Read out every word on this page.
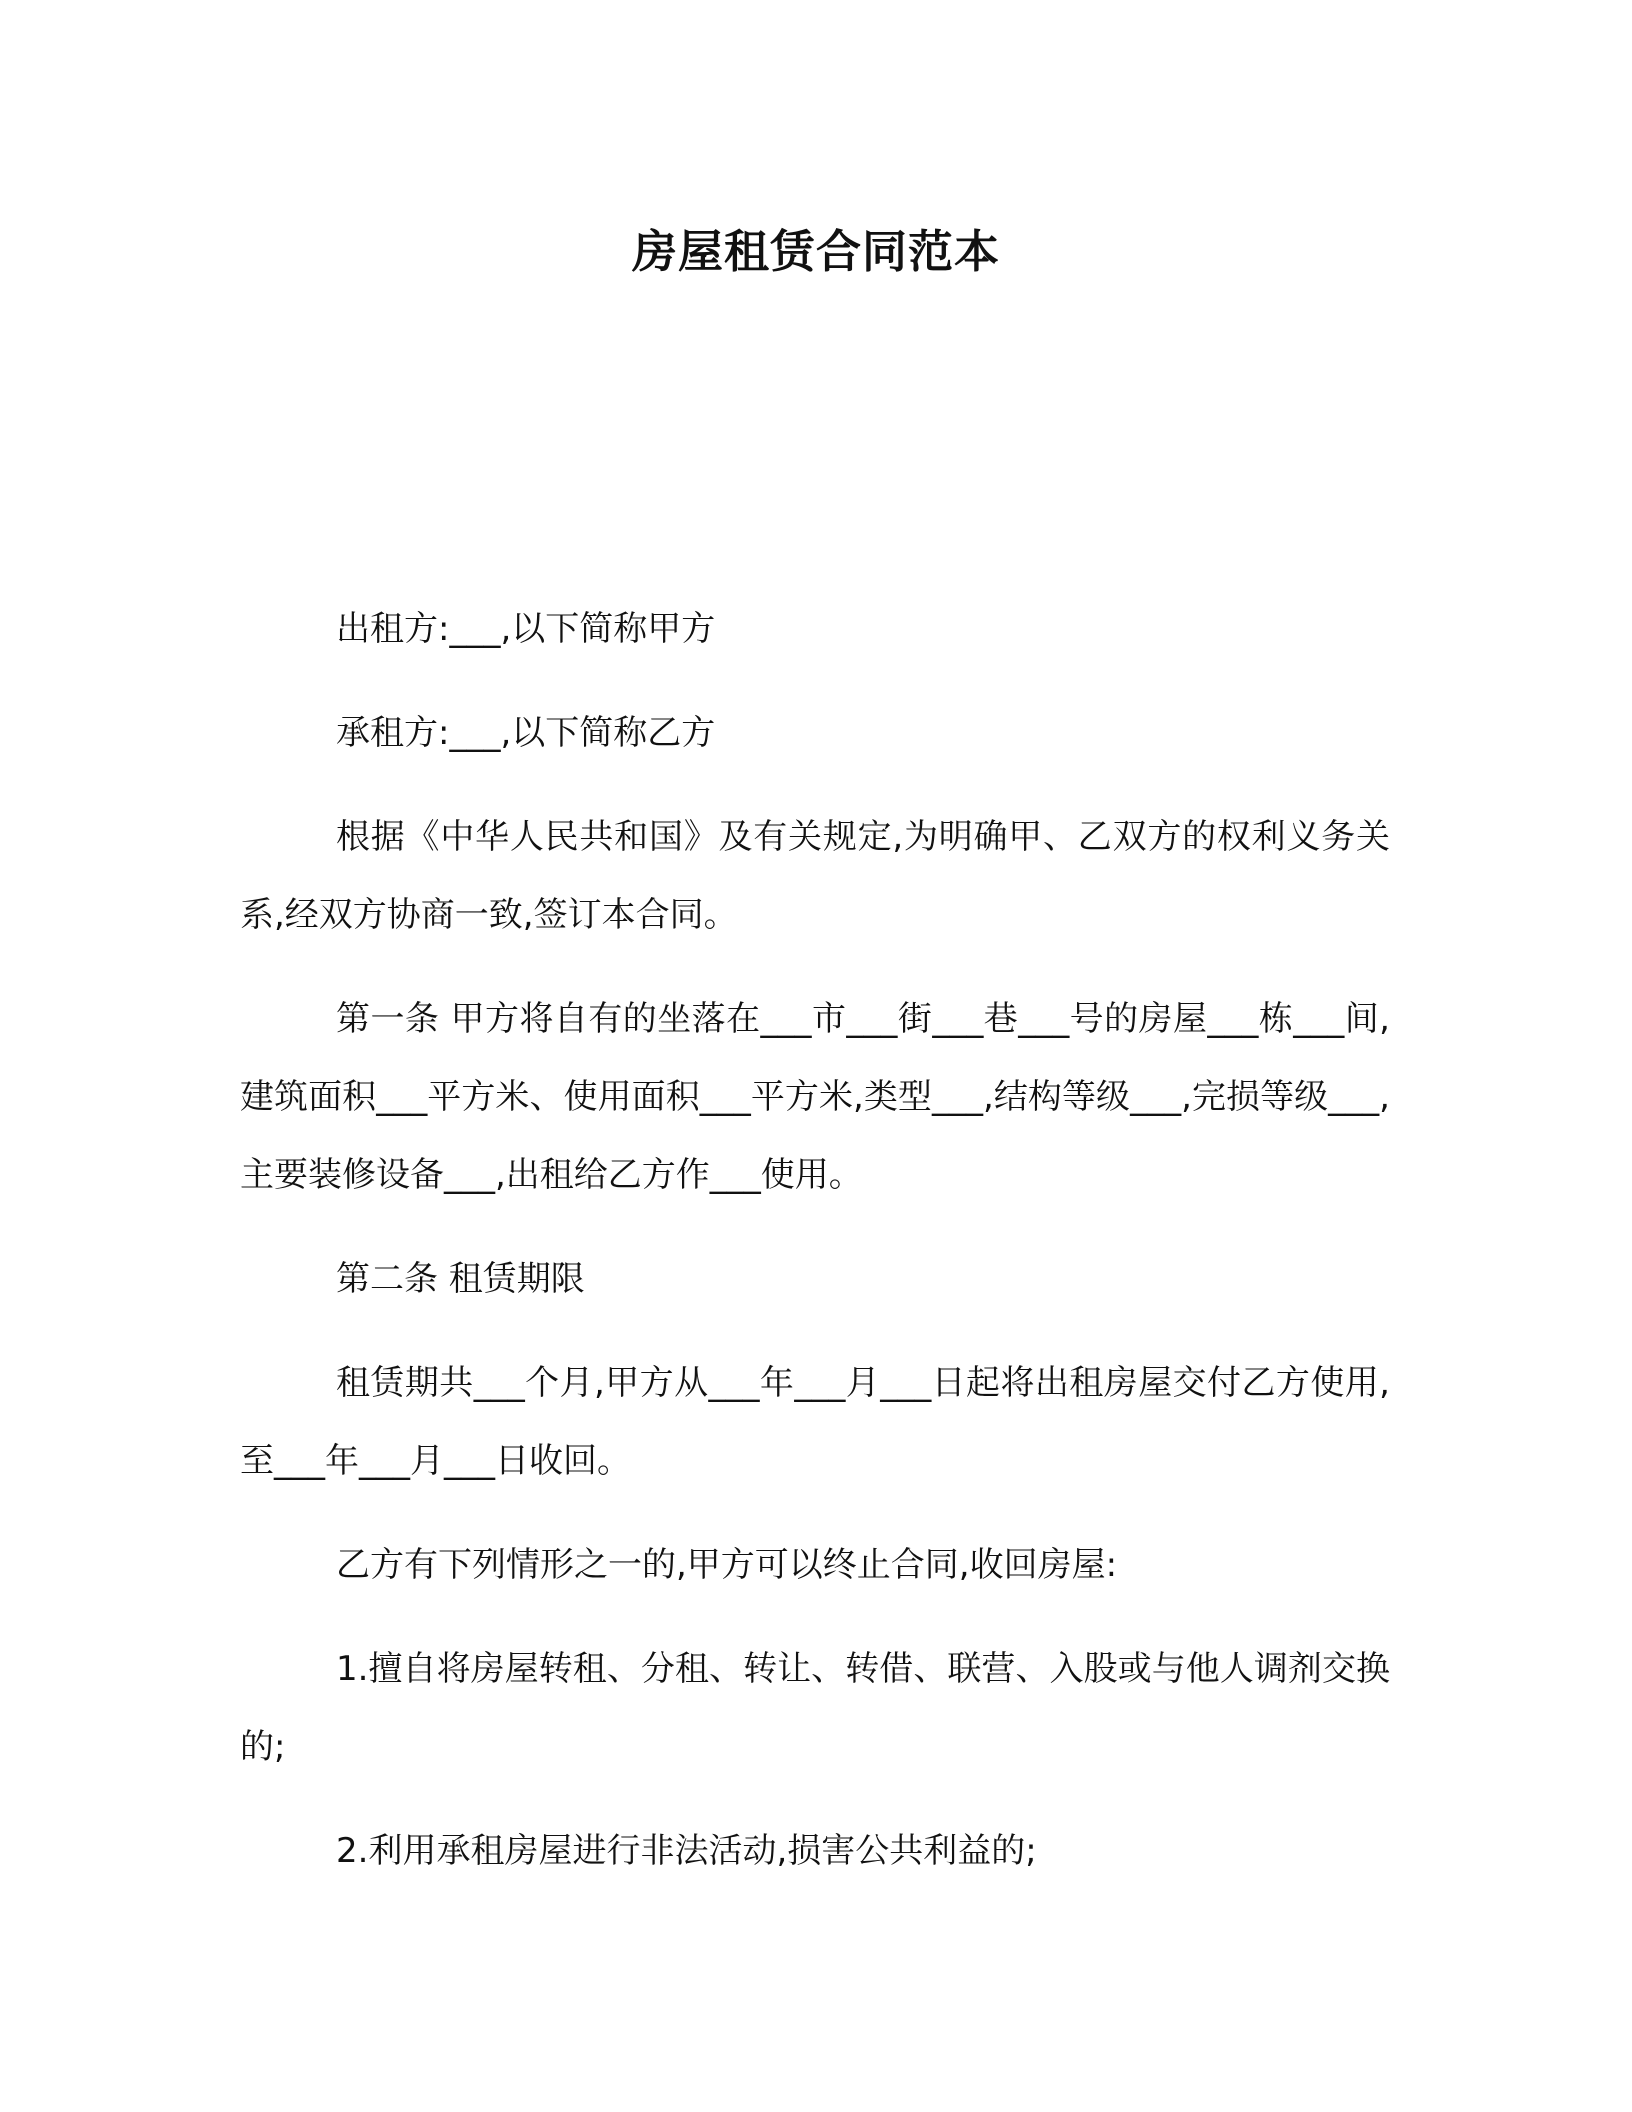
房屋租赁合同范本

出租方:___,以下简称甲方

承租方:___,以下简称乙方

根据《中华人民共和国》及有关规定,为明确甲、乙双方的权利义务关系,经双方协商一致,签订本合同。

第一条 甲方将自有的坐落在___市___街___巷___号的房屋___栋___间,建筑面积___平方米、使用面积___平方米,类型___,结构等级___,完损等级___,主要装修设备___,出租给乙方作___使用。

第二条 租赁期限

租赁期共___个月,甲方从___年___月___日起将出租房屋交付乙方使用,至___年___月___日收回。

乙方有下列情形之一的,甲方可以终止合同,收回房屋:

1.擅自将房屋转租、分租、转让、转借、联营、入股或与他人调剂交换的;

2.利用承租房屋进行非法活动,损害公共利益的;
